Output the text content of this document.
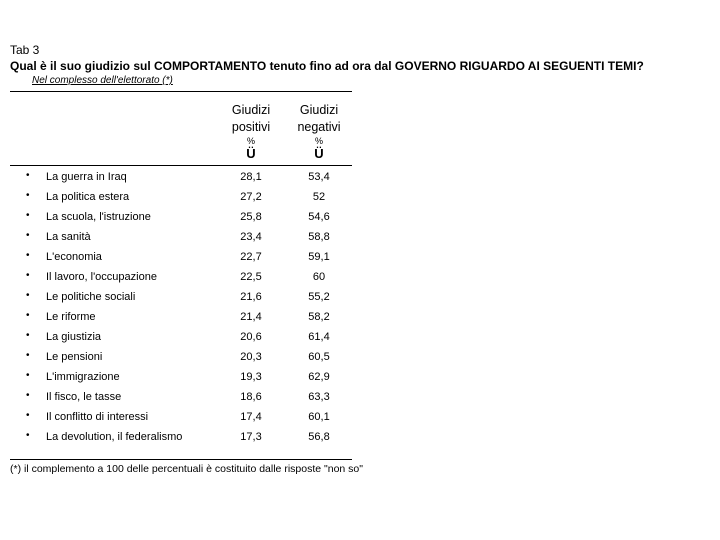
Tab 3
Qual è il suo giudizio sul COMPORTAMENTO tenuto fino ad ora dal GOVERNO RIGUARDO AI SEGUENTI TEMI?
Nel complesso dell'elettorato (*)
Giudizi
positivi
Giudizi
negativi
%	%
Ü	Ü
• La guerra in Iraq	28,1	53,4
• La politica estera	27,2	52
• La scuola, l'istruzione	25,8	54,6
• La sanità	23,4	58,8
• L'economia	22,7	59,1
• Il lavoro, l'occupazione	22,5	60
• Le politiche sociali	21,6	55,2
• Le riforme	21,4	58,2
• La giustizia	20,6	61,4
• Le pensioni	20,3	60,5
• L'immigrazione	19,3	62,9
• Il fisco, le tasse	18,6	63,3
• Il conflitto di interessi	17,4	60,1
• La devolution, il federalismo	17,3	56,8
(*) il complemento a 100 delle percentuali è costituito dalle risposte "non so"
